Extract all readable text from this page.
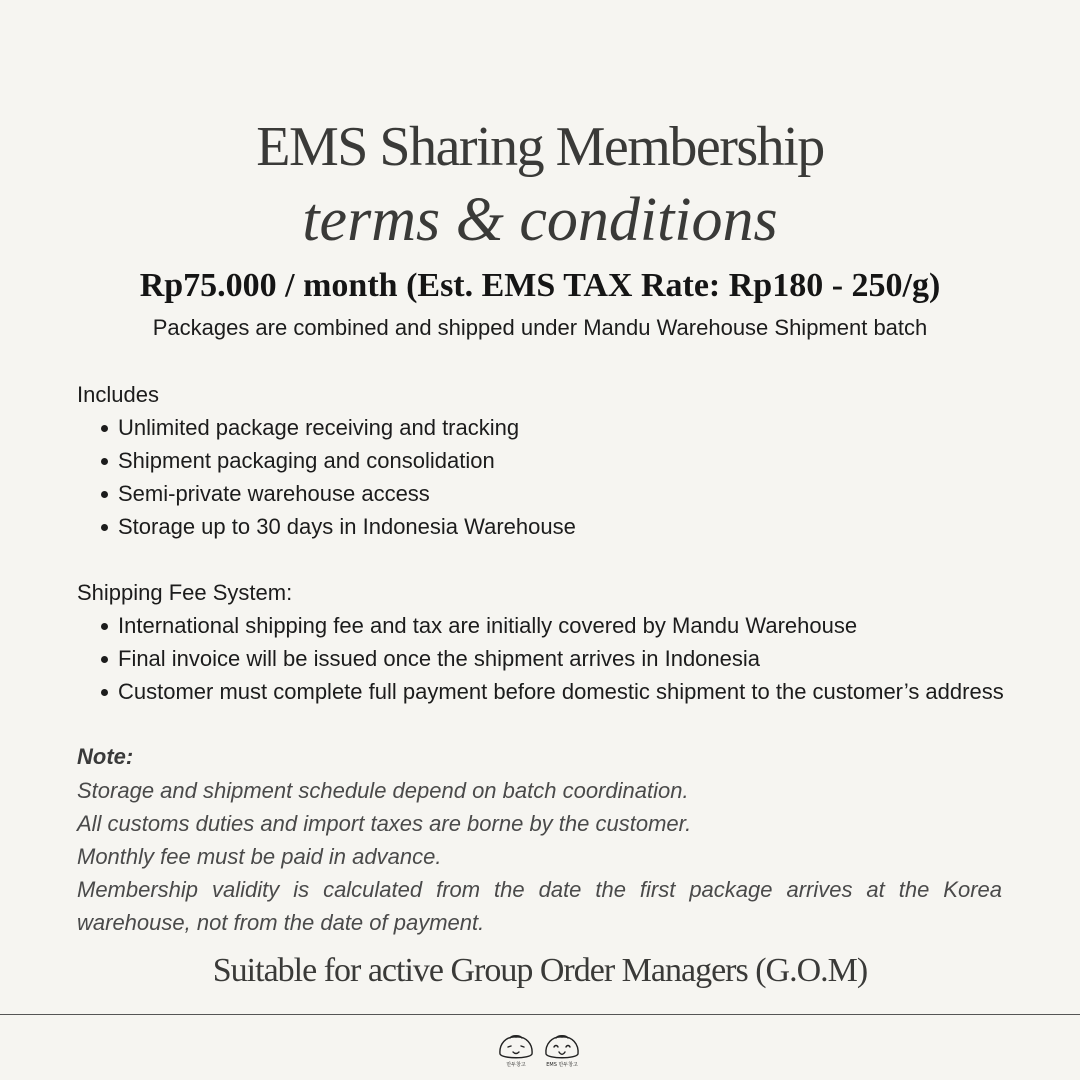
EMS Sharing Membership
terms & conditions
Rp75.000 / month (Est. EMS TAX Rate: Rp180 - 250/g)
Packages are combined and shipped under Mandu Warehouse Shipment batch
Includes
Unlimited package receiving and tracking
Shipment packaging and consolidation
Semi-private warehouse access
Storage up to 30 days in Indonesia Warehouse
Shipping Fee System:
International shipping fee and tax are initially covered by Mandu Warehouse
Final invoice will be issued once the shipment arrives in Indonesia
Customer must complete full payment before domestic shipment to the customer’s address
Note:
Storage and shipment schedule depend on batch coordination.
All customs duties and import taxes are borne by the customer.
Monthly fee must be paid in advance.
Membership validity is calculated from the date the first package arrives at the Korea warehouse, not from the date of payment.
Suitable for active Group Order Managers (G.O.M)
만두창고	EMS 만두창고
